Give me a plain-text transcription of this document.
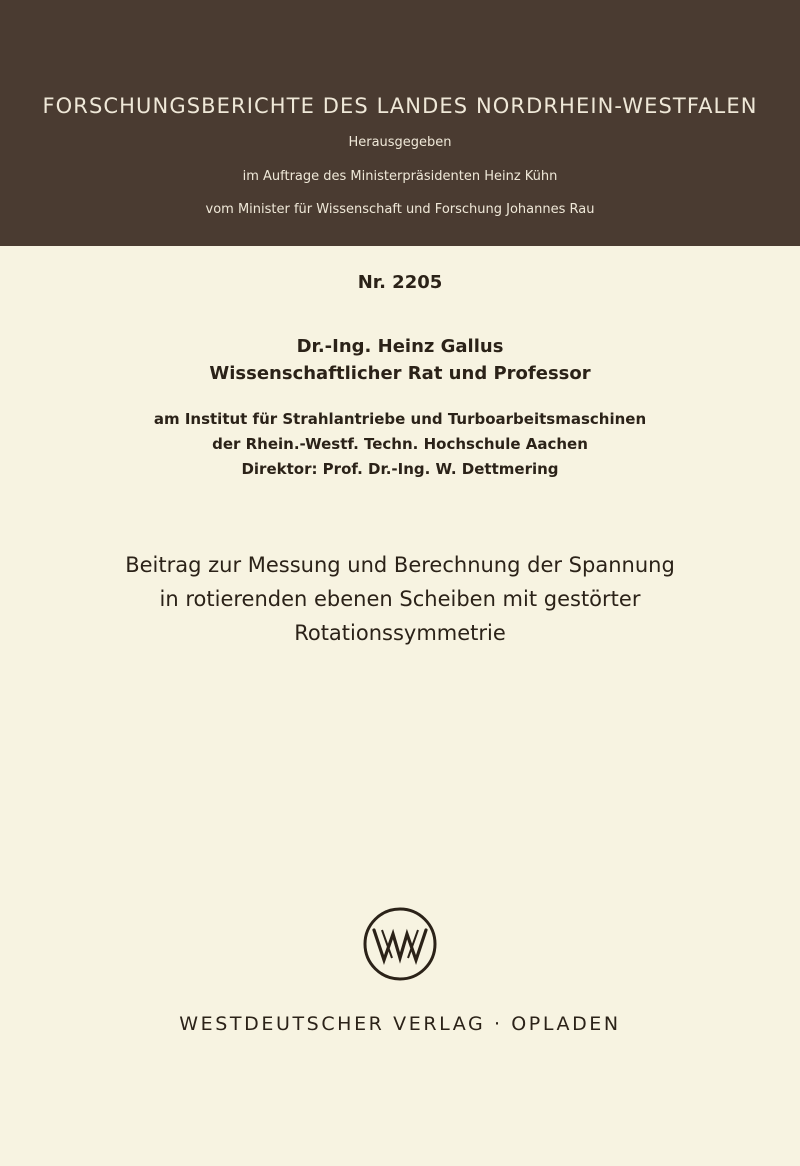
FORSCHUNGSBERICHTE DES LANDES NORDRHEIN-WESTFALEN
Herausgegeben
im Auftrage des Ministerpräsidenten Heinz Kühn
vom Minister für Wissenschaft und Forschung Johannes Rau
Nr. 2205
Dr.-Ing. Heinz Gallus
Wissenschaftlicher Rat und Professor
am Institut für Strahlantriebe und Turboarbeitsmaschinen
der Rhein.-Westf. Techn. Hochschule Aachen
Direktor: Prof. Dr.-Ing. W. Dettmering
Beitrag zur Messung und Berechnung der Spannung
in rotierenden ebenen Scheiben mit gestörter
Rotationssymmetrie
WESTDEUTSCHER VERLAG · OPLADEN
